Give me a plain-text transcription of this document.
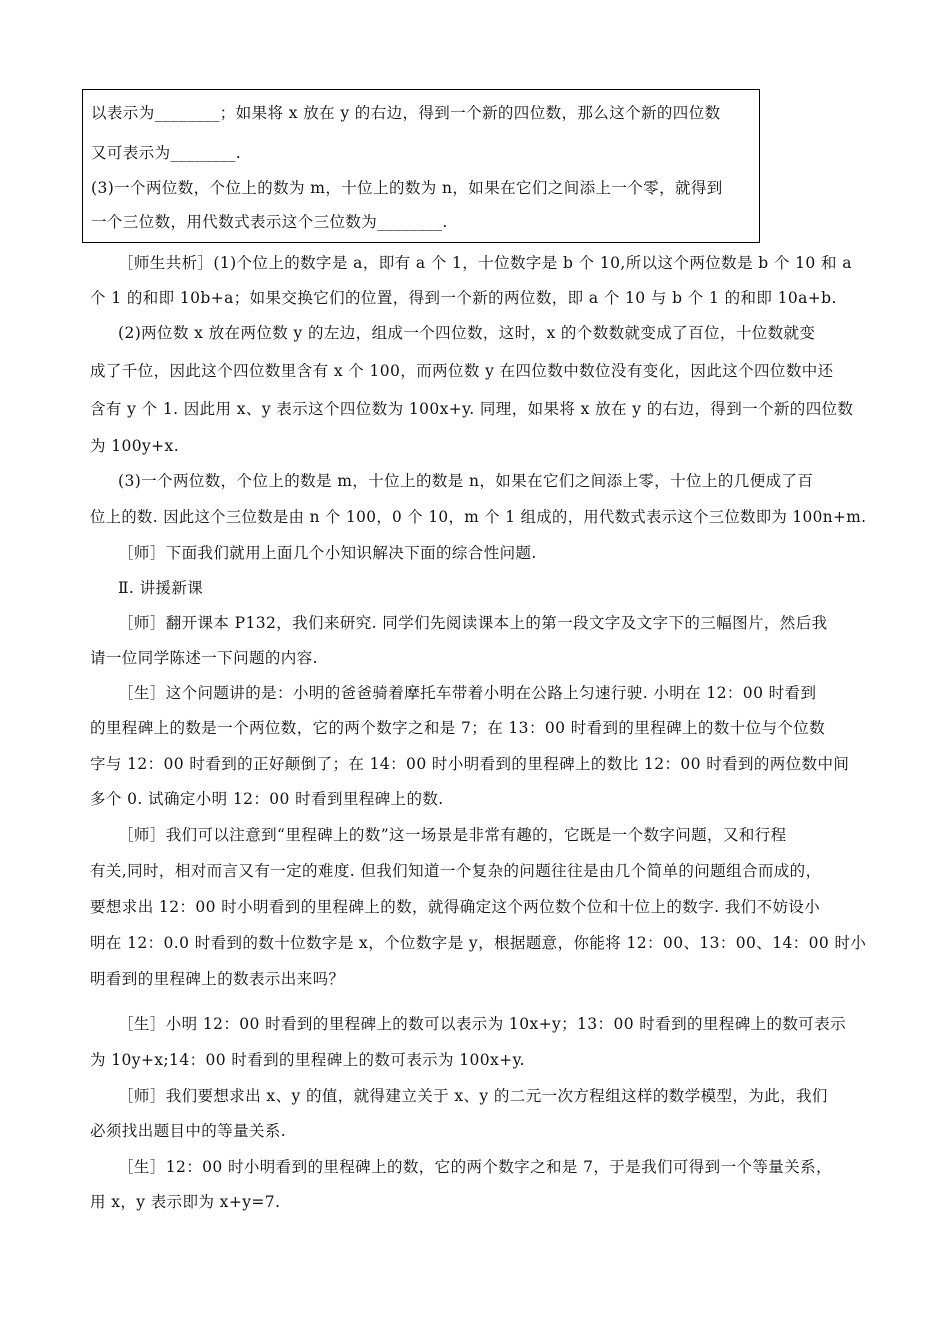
以表示为________；如果将 x 放在 y 的右边，得到一个新的四位数，那么这个新的四位数
又可表示为________.
(3)一个两位数，个位上的数为 m，十位上的数为 n，如果在它们之间添上一个零，就得到
一个三位数，用代数式表示这个三位数为________.
［师生共析］(1)个位上的数字是 a，即有 a 个 1，十位数字是 b 个 10,所以这个两位数是 b 个 10 和 a
个 1 的和即 10b+a；如果交换它们的位置，得到一个新的两位数，即 a 个 10 与 b 个 1 的和即 10a+b.
(2)两位数 x 放在两位数 y 的左边，组成一个四位数，这时，x 的个数数就变成了百位，十位数就变
成了千位，因此这个四位数里含有 x 个 100，而两位数 y 在四位数中数位没有变化，因此这个四位数中还
含有 y 个 1. 因此用 x、y 表示这个四位数为 100x+y. 同理，如果将 x 放在 y 的右边，得到一个新的四位数
为 100y+x.
(3)一个两位数，个位上的数是 m，十位上的数是 n，如果在它们之间添上零，十位上的几便成了百
位上的数. 因此这个三位数是由 n 个 100，0 个 10，m 个 1 组成的，用代数式表示这个三位数即为 100n+m.
［师］下面我们就用上面几个小知识解决下面的综合性问题.
Ⅱ. 讲援新课
［师］翻开课本 P132，我们来研究. 同学们先阅读课本上的第一段文字及文字下的三幅图片，然后我
请一位同学陈述一下问题的内容.
［生］这个问题讲的是：小明的爸爸骑着摩托车带着小明在公路上匀速行驶. 小明在 12：00 时看到
的里程碑上的数是一个两位数，它的两个数字之和是 7；在 13：00 时看到的里程碑上的数十位与个位数
字与 12：00 时看到的正好颠倒了；在 14：00 时小明看到的里程碑上的数比 12：00 时看到的两位数中间
多个 0. 试确定小明 12：00 时看到里程碑上的数.
［师］我们可以注意到“里程碑上的数”这一场景是非常有趣的，它既是一个数字问题，又和行程
有关,同时，相对而言又有一定的难度. 但我们知道一个复杂的问题往往是由几个简单的问题组合而成的，
要想求出 12：00 时小明看到的里程碑上的数，就得确定这个两位数个位和十位上的数字. 我们不妨设小
明在 12：0.0 时看到的数十位数字是 x，个位数字是 y，根据题意，你能将 12：00、13：00、14：00 时小
明看到的里程碑上的数表示出来吗？
［生］小明 12：00 时看到的里程碑上的数可以表示为 10x+y；13：00 时看到的里程碑上的数可表示
为 10y+x;14：00 时看到的里程碑上的数可表示为 100x+y.
［师］我们要想求出 x、y 的值，就得建立关于 x、y 的二元一次方程组这样的数学模型，为此，我们
必须找出题目中的等量关系.
［生］12：00 时小明看到的里程碑上的数，它的两个数字之和是 7，于是我们可得到一个等量关系，
用 x，y 表示即为 x+y=7.
